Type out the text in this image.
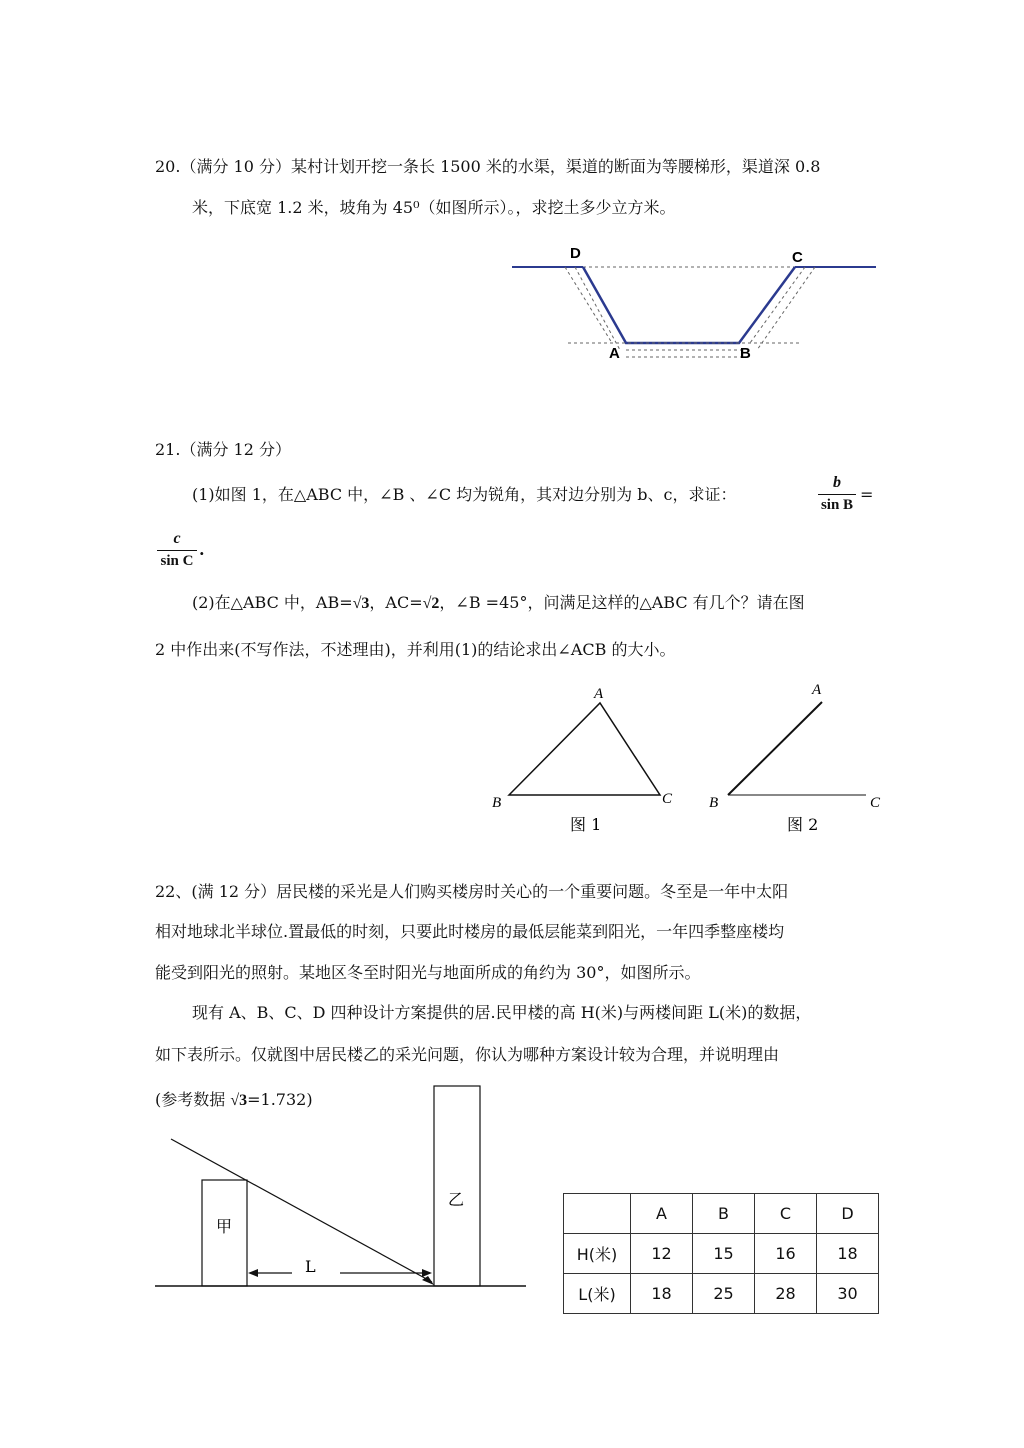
20.（满分 10 分）某村计划开挖一条长 1500 米的水渠，渠道的断面为等腰梯形，渠道深 0.8
米，下底宽 1.2 米，坡角为 45⁰（如图所示）。，求挖土多少立方米。
D	C
A	B
A
B	C
图 1
A
B	C
图 2
甲
乙
L
21.（满分 12 分）
(1)如图 1，在△ABC 中，∠B 、∠C 均为锐角，其对边分别为 b、c，求证：
b
sin B
=
c
sin C
.
(2)在△ABC 中，AB=√3，AC=√2，∠B =45°，问满足这样的△ABC 有几个？请在图
2 中作出来(不写作法，不述理由)，并利用(1)的结论求出∠ACB 的大小。
22、(满 12 分）居民楼的采光是人们购买楼房时关心的一个重要问题。冬至是一年中太阳
相对地球北半球位.置最低的时刻，只要此时楼房的最低层能菜到阳光，一年四季整座楼均
能受到阳光的照射。某地区冬至时阳光与地面所成的角约为 30°，如图所示。
现有 A、B、C、D 四种设计方案提供的居.民甲楼的高 H(米)与两楼间距 L(米)的数据，
如下表所示。仅就图中居民楼乙的采光问题，你认为哪种方案设计较为合理，并说明理由
(参考数据 √3=1.732)
	A	B	C	D
H(米)	12	15	16	18
L(米)	18	25	28	30
